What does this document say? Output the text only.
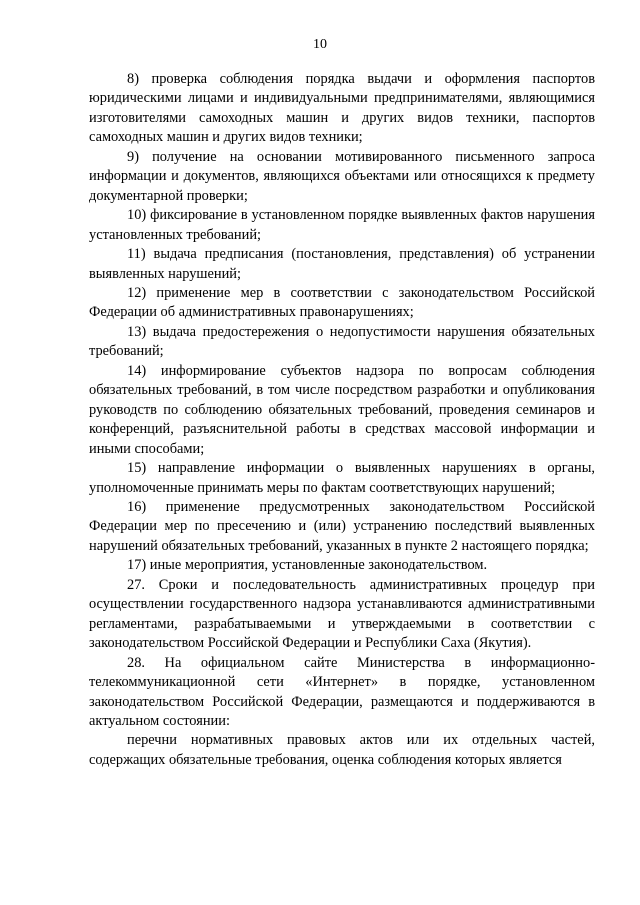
10

8) проверка соблюдения порядка выдачи и оформления паспортов юридическими лицами и индивидуальными предпринимателями, являющимися изготовителями самоходных машин и других видов техники, паспортов самоходных машин и других видов техники;

9) получение на основании мотивированного письменного запроса информации и документов, являющихся объектами или относящихся к предмету документарной проверки;

10) фиксирование в установленном порядке выявленных фактов нарушения установленных требований;

11) выдача предписания (постановления, представления) об устранении выявленных нарушений;

12) применение мер в соответствии с законодательством Российской Федерации об административных правонарушениях;

13) выдача предостережения о недопустимости нарушения обязательных требований;

14) информирование субъектов надзора по вопросам соблюдения обязательных требований, в том числе посредством разработки и опубликования руководств по соблюдению обязательных требований, проведения семинаров и конференций, разъяснительной работы в средствах массовой информации и иными способами;

15) направление информации о выявленных нарушениях в органы, уполномоченные принимать меры по фактам соответствующих нарушений;

16) применение предусмотренных законодательством Российской Федерации мер по пресечению и (или) устранению последствий выявленных нарушений обязательных требований, указанных в пункте 2 настоящего порядка;

17) иные мероприятия, установленные законодательством.

27. Сроки и последовательность административных процедур при осуществлении государственного надзора устанавливаются административными регламентами, разрабатываемыми и утверждаемыми в соответствии с законодательством Российской Федерации и Республики Саха (Якутия).

28. На официальном сайте Министерства в информационно-телекоммуникационной сети «Интернет» в порядке, установленном законодательством Российской Федерации, размещаются и поддерживаются в актуальном состоянии:

перечни нормативных правовых актов или их отдельных частей, содержащих обязательные требования, оценка соблюдения которых является
